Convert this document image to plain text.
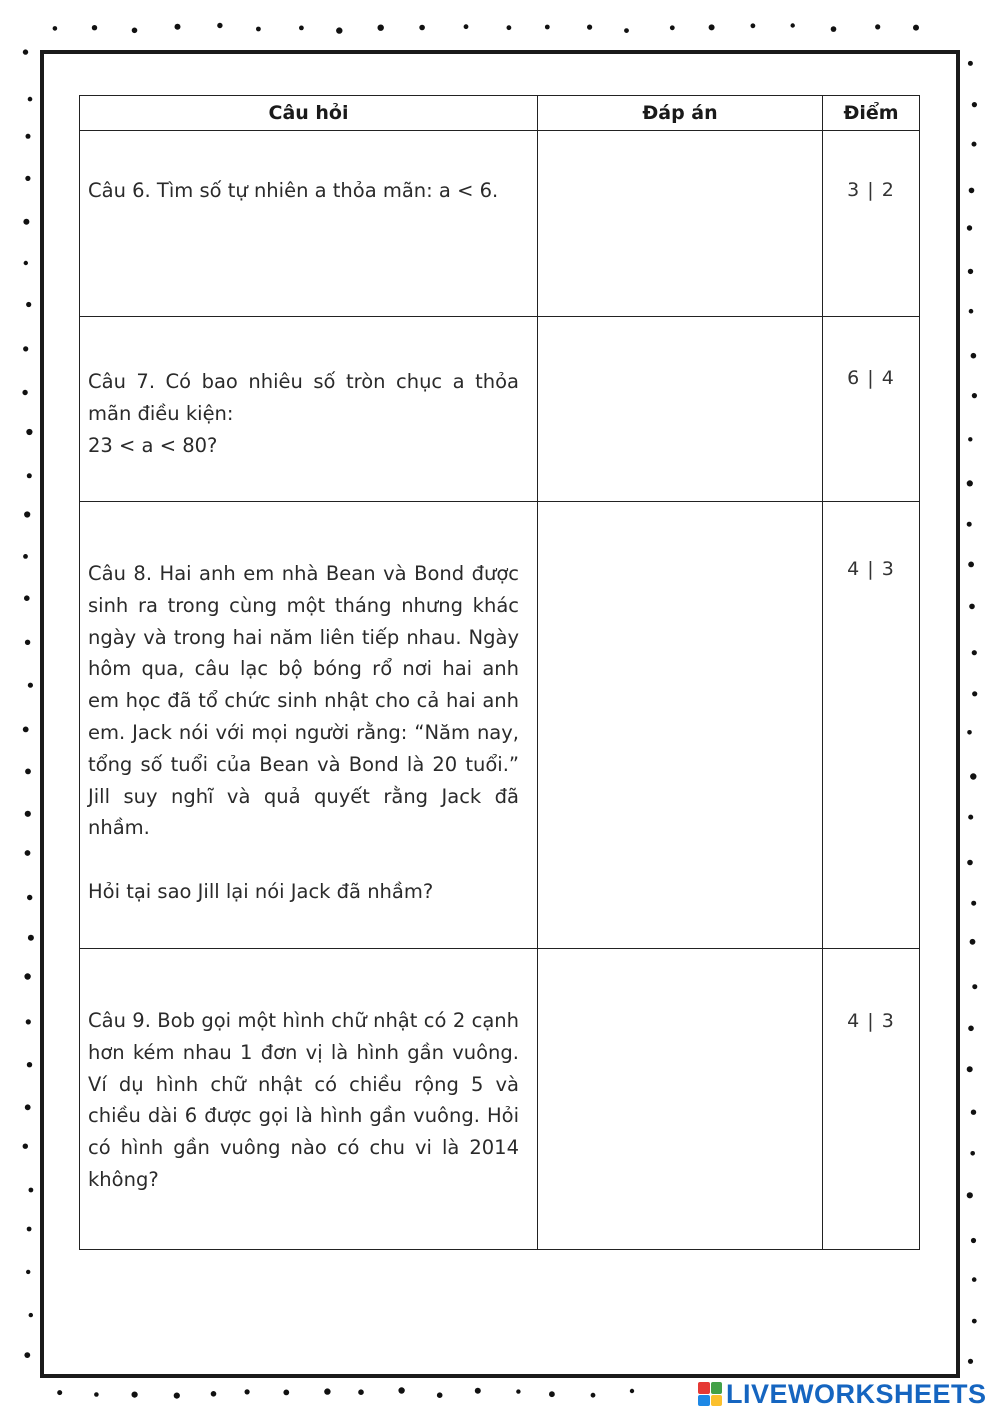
Câu hỏi	Đáp án	Điểm

Câu 6. Tìm số tự nhiên a thỏa mãn: a < 6.		3 | 2

Câu 7. Có bao nhiêu số tròn chục a thỏa mãn điều kiện:
23 < a < 80?		6 | 4

Câu 8. Hai anh em nhà Bean và Bond được sinh ra trong cùng một tháng nhưng khác ngày và trong hai năm liên tiếp nhau. Ngày hôm qua, câu lạc bộ bóng rổ nơi hai anh em học đã tổ chức sinh nhật cho cả hai anh em. Jack nói với mọi người rằng: “Năm nay, tổng số tuổi của Bean và Bond là 20 tuổi.” Jill suy nghĩ và quả quyết rằng Jack đã nhầm.

Hỏi tại sao Jill lại nói Jack đã nhầm?		4 | 3

Câu 9. Bob gọi một hình chữ nhật có 2 cạnh hơn kém nhau 1 đơn vị là hình gần vuông. Ví dụ hình chữ nhật có chiều rộng 5 và chiều dài 6 được gọi là hình gần vuông. Hỏi có hình gần vuông nào có chu vi là 2014 không?		4 | 3
LIVEWORKSHEETS
